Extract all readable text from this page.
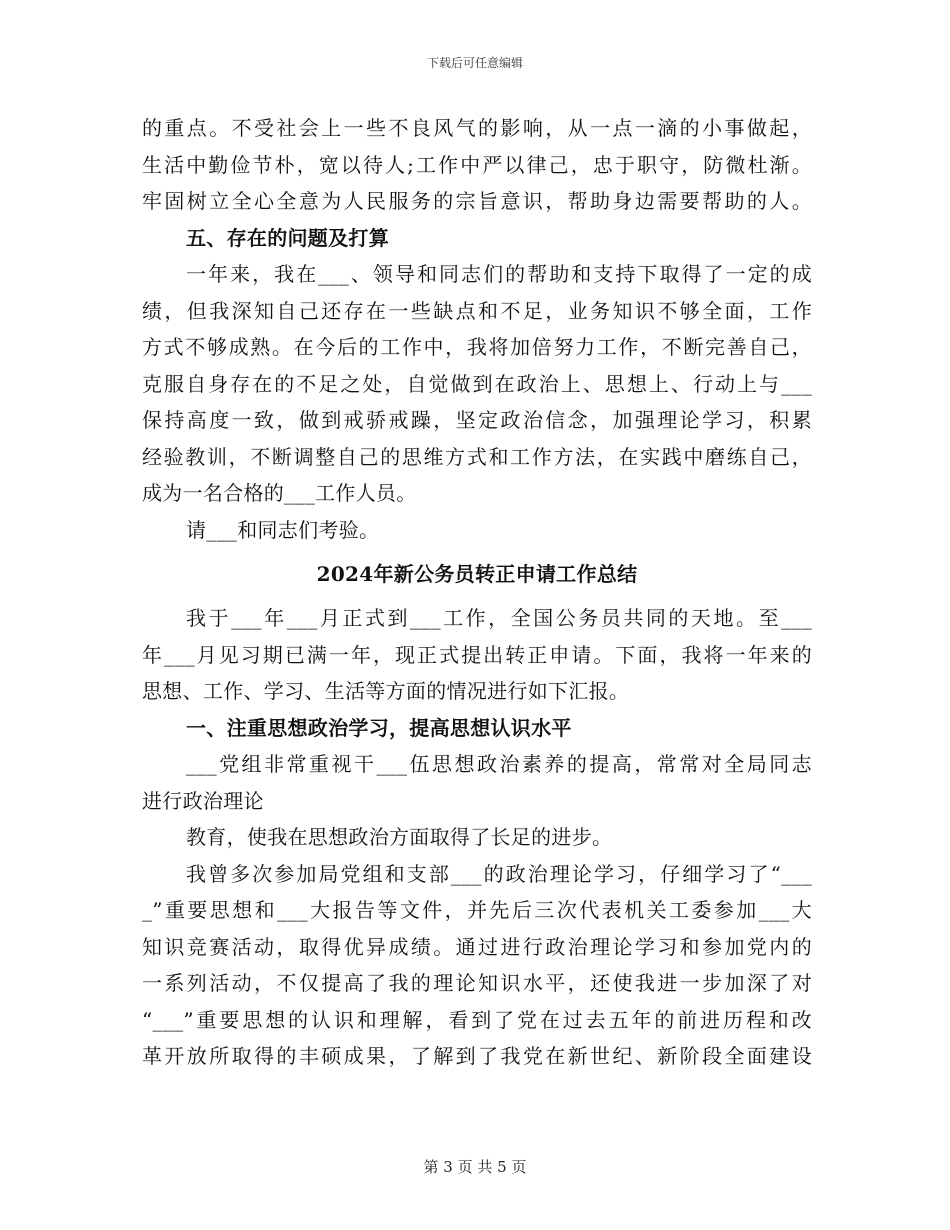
下载后可任意编辑
的重点。不受社会上一些不良风气的影响，从一点一滴的小事做起，
生活中勤俭节朴，宽以待人;工作中严以律己，忠于职守，防微杜渐。
牢固树立全心全意为人民服务的宗旨意识，帮助身边需要帮助的人。
五、存在的问题及打算
一年来，我在___、领导和同志们的帮助和支持下取得了一定的成
绩，但我深知自己还存在一些缺点和不足，业务知识不够全面，工作
方式不够成熟。在今后的工作中，我将加倍努力工作，不断完善自己，
克服自身存在的不足之处，自觉做到在政治上、思想上、行动上与___
保持高度一致，做到戒骄戒躁，坚定政治信念，加强理论学习，积累
经验教训，不断调整自己的思维方式和工作方法，在实践中磨练自己，
成为一名合格的___工作人员。
请___和同志们考验。
2024年新公务员转正申请工作总结
我于___年___月正式到___工作，全国公务员共同的天地。至___
年___月见习期已满一年，现正式提出转正申请。下面，我将一年来的
思想、工作、学习、生活等方面的情况进行如下汇报。
一、注重思想政治学习，提高思想认识水平
___党组非常重视干___伍思想政治素养的提高，常常对全局同志
进行政治理论
教育，使我在思想政治方面取得了长足的进步。
我曾多次参加局党组和支部___的政治理论学习，仔细学习了“___
_”重要思想和___大报告等文件，并先后三次代表机关工委参加___大
知识竞赛活动，取得优异成绩。通过进行政治理论学习和参加党内的
一系列活动，不仅提高了我的理论知识水平，还使我进一步加深了对
“___”重要思想的认识和理解，看到了党在过去五年的前进历程和改
革开放所取得的丰硕成果，了解到了我党在新世纪、新阶段全面建设
第 3 页 共 5 页
